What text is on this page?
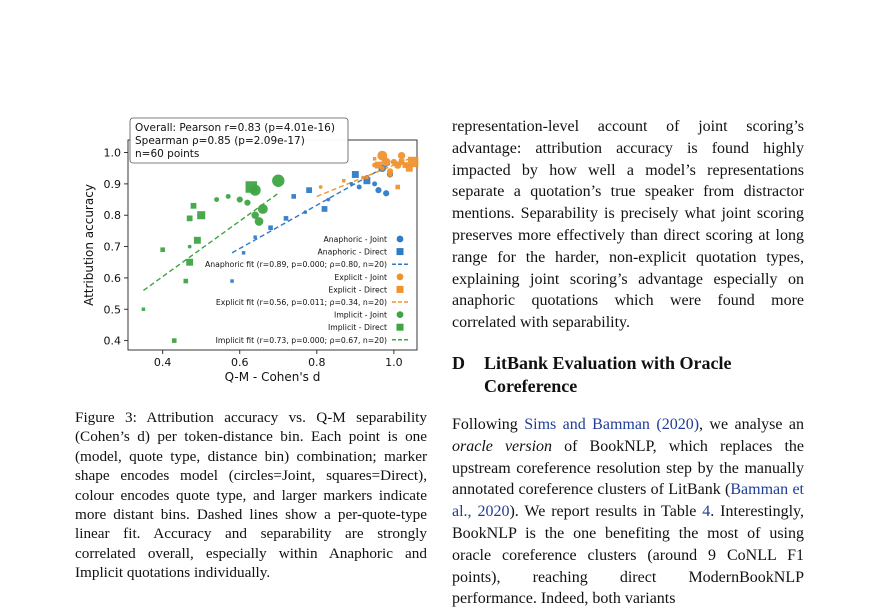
0.4	0.6	0.8	1.0
0.4
0.5
0.6
0.7
0.8
0.9
1.0
Q-M - Cohen's d
Attribution accuracy
Overall: Pearson r=0.83 (p=4.01e-16)
Spearman ρ=0.85 (p=2.09e-17)
n=60 points
Anaphoric - Joint
Anaphoric - Direct
Anaphoric fit (r=0.89, p=0.000; ρ=0.80, n=20)
Explicit - Joint
Explicit - Direct
Explicit fit (r=0.56, p=0.011; ρ=0.34, n=20)
Implicit - Joint
Implicit - Direct
Implicit fit (r=0.73, p=0.000; ρ=0.67, n=20)

Figure 3: Attribution accuracy vs. Q-M separability (Cohen’s d) per token-distance bin. Each point is one (model, quote type, distance bin) combination; marker shape encodes model (circles=Joint, squares=Direct), colour encodes quote type, and larger markers indicate more distant bins. Dashed lines show a per-quote-type linear fit. Accuracy and separability are strongly correlated overall, especially within Anaphoric and Implicit quotations individually.

representation-level account of joint scoring’s advantage: attribution accuracy is found highly impacted by how well a model’s representations separate a quotation’s true speaker from distractor mentions. Separability is precisely what joint scoring preserves more effectively than direct scoring at long range for the harder, non-explicit quotation types, explaining joint scoring’s advantage especially on anaphoric quotations which were found more correlated with separability.

D	LitBank Evaluation with Oracle Coreference

Following Sims and Bamman (2020), we analyse an oracle version of BookNLP, which replaces the upstream coreference resolution step by the manually annotated coreference clusters of LitBank (Bamman et al., 2020). We report results in Table 4. Interestingly, BookNLP is the one benefiting the most of using oracle coreference clusters (around 9 CoNLL F1 points), reaching direct ModernBookNLP performance. Indeed, both variants
